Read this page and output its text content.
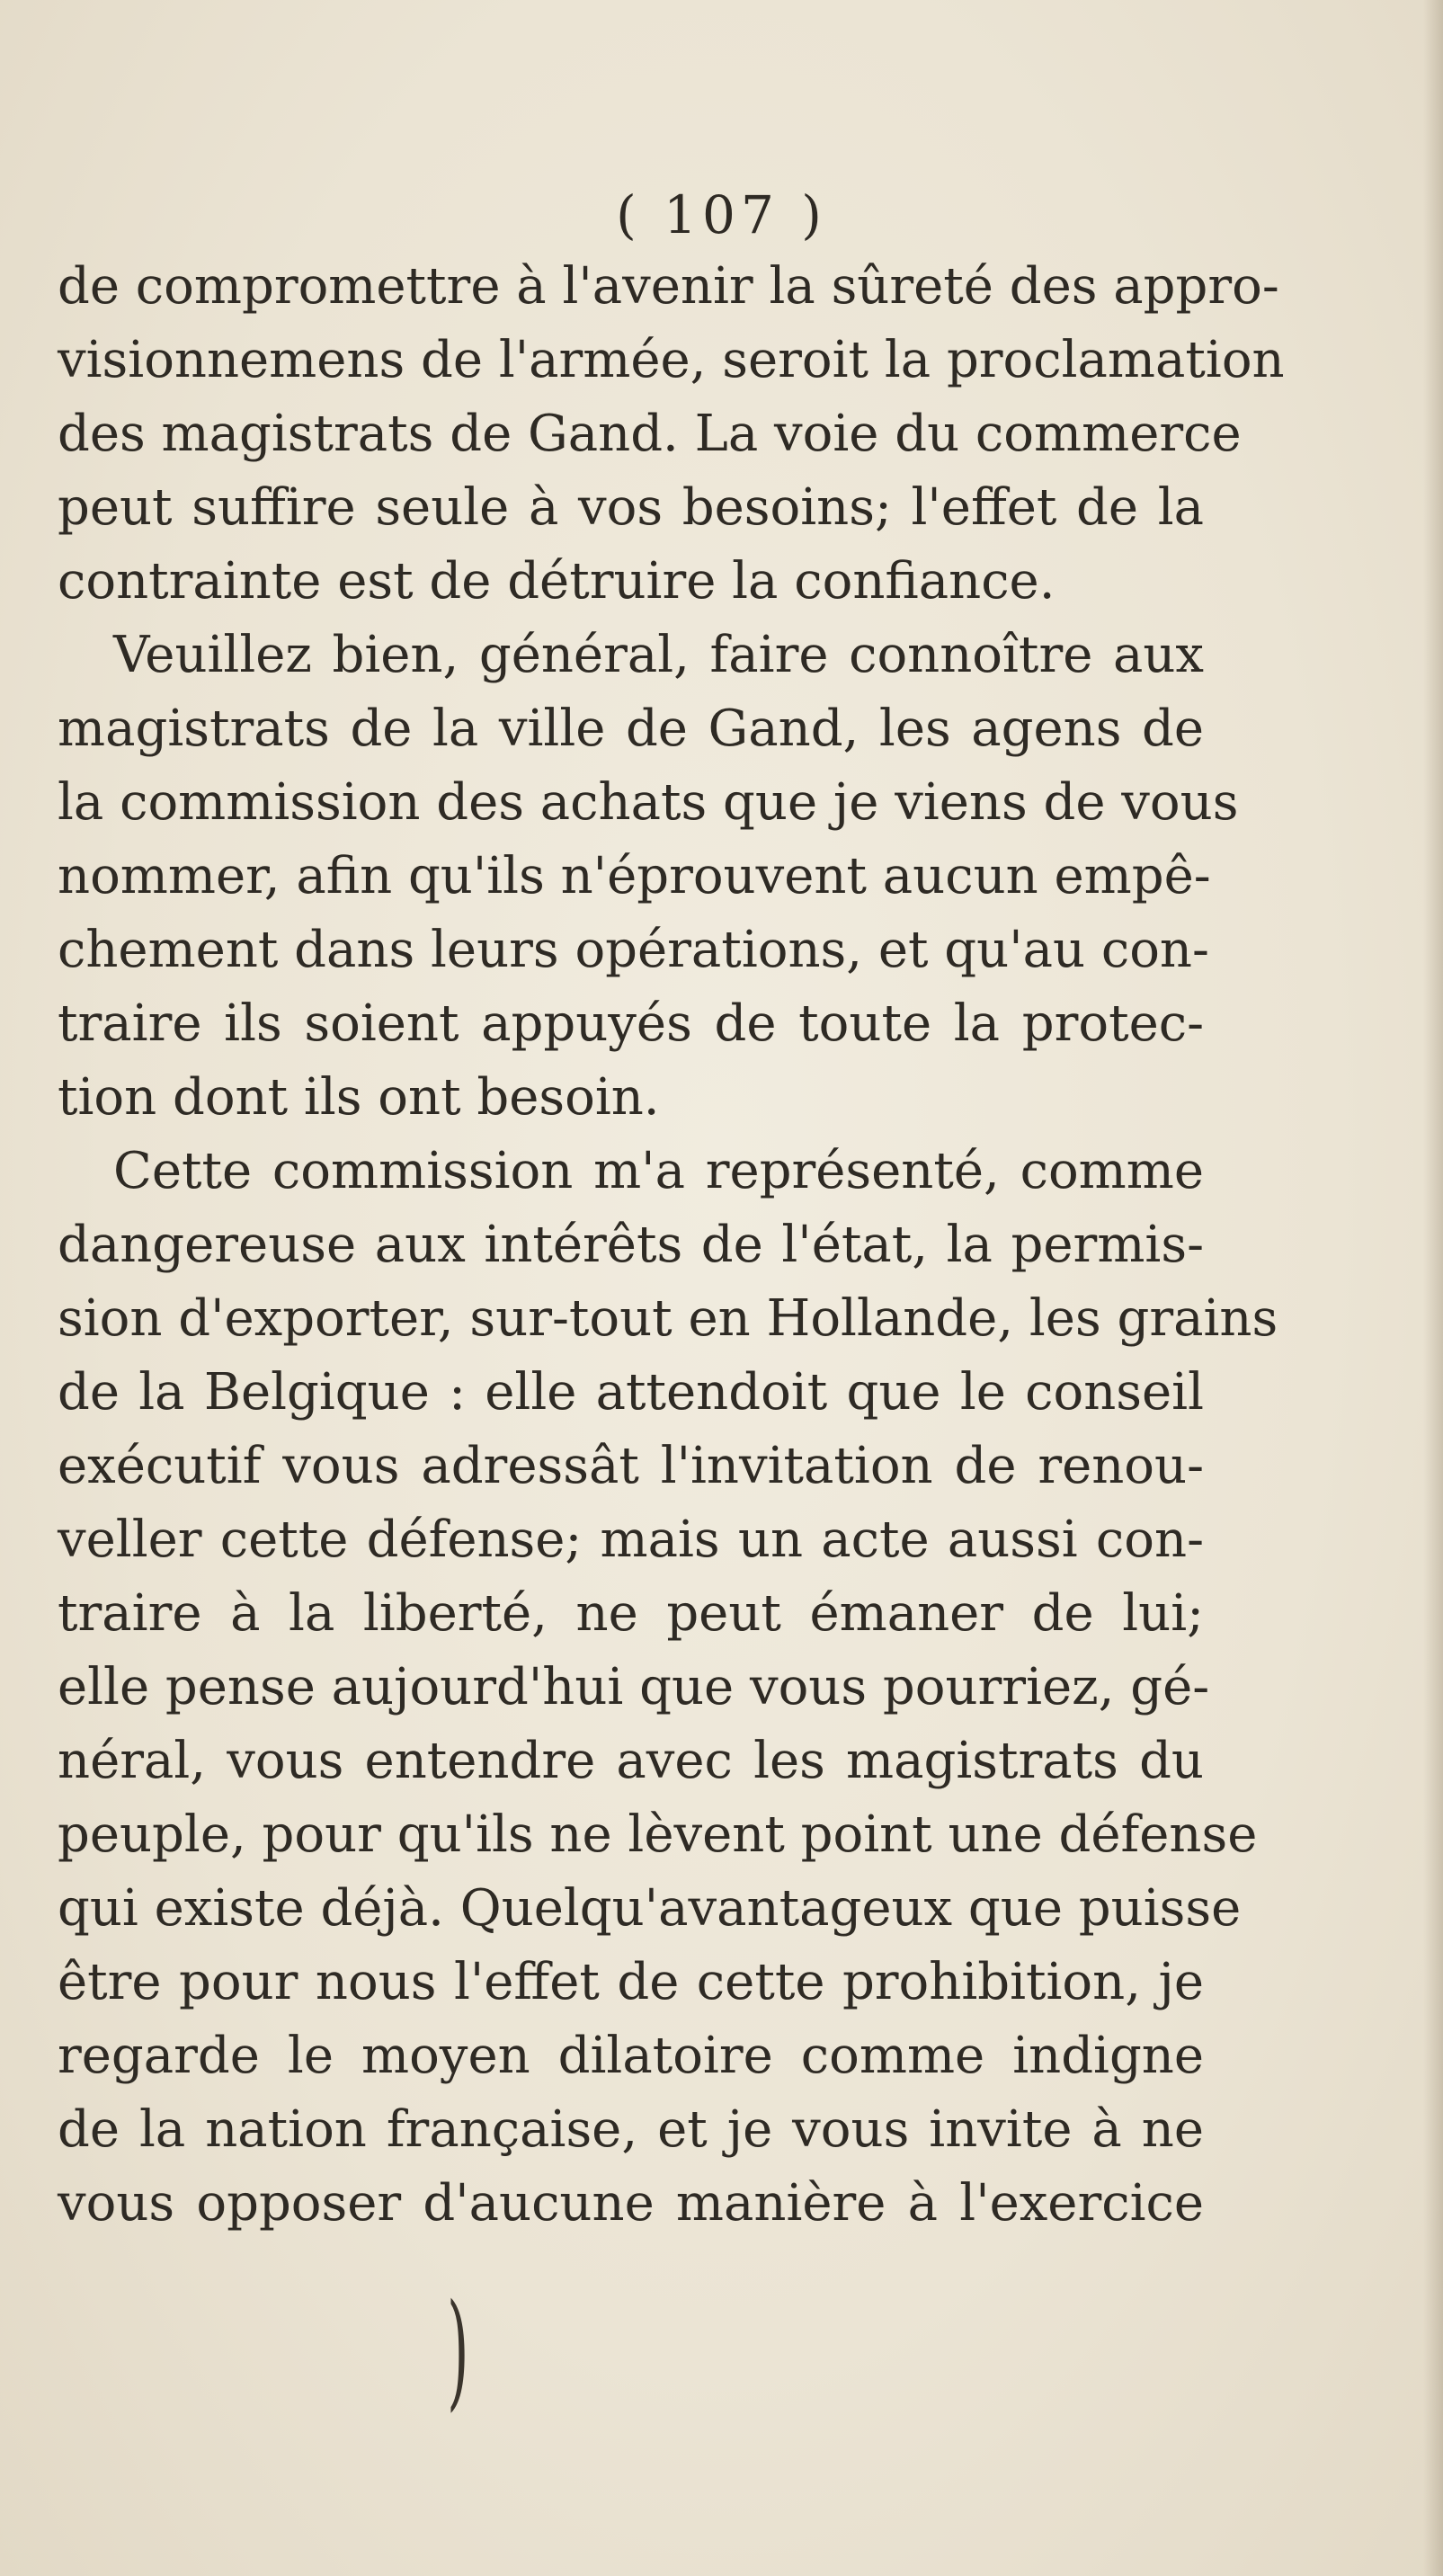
( 107 )
de compromettre à l'avenir la sûreté des appro-
visionnemens de l'armée, seroit la proclamation
des magistrats de Gand. La voie du commerce
peut suffire seule à vos besoins; l'effet de la
contrainte est de détruire la confiance.
Veuillez bien, général, faire connoître aux
magistrats de la ville de Gand, les agens de
la commission des achats que je viens de vous
nommer, afin qu'ils n'éprouvent aucun empê-
chement dans leurs opérations, et qu'au con-
traire ils soient appuyés de toute la protec-
tion dont ils ont besoin.
Cette commission m'a représenté, comme
dangereuse aux intérêts de l'état, la permis-
sion d'exporter, sur-tout en Hollande, les grains
de la Belgique : elle attendoit que le conseil
exécutif vous adressât l'invitation de renou-
veller cette défense; mais un acte aussi con-
traire à la liberté, ne peut émaner de lui;
elle pense aujourd'hui que vous pourriez, gé-
néral, vous entendre avec les magistrats du
peuple, pour qu'ils ne lèvent point une défense
qui existe déjà. Quelqu'avantageux que puisse
être pour nous l'effet de cette prohibition, je
regarde le moyen dilatoire comme indigne
de la nation française, et je vous invite à ne
vous opposer d'aucune manière à l'exercice
)
